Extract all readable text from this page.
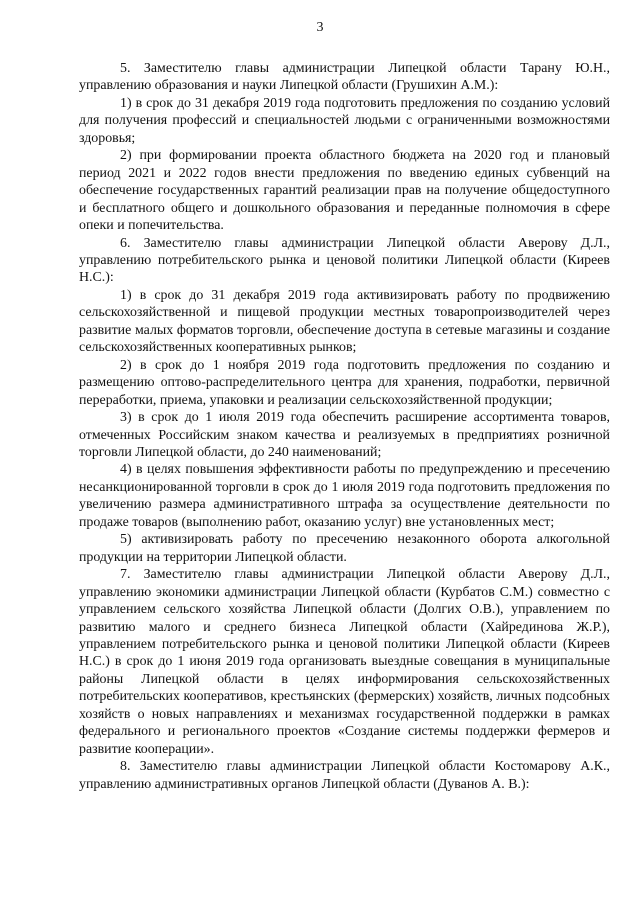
3

5. Заместителю главы администрации Липецкой области Тарану Ю.Н., управлению образования и науки Липецкой области (Грушихин А.М.):

1) в срок до 31 декабря 2019 года подготовить предложения по созданию условий для получения профессий и специальностей людьми с ограниченными возможностями здоровья;

2) при формировании проекта областного бюджета на 2020 год и плановый период 2021 и 2022 годов внести предложения по введению единых субвенций на обеспечение государственных гарантий реализации прав на получение общедоступного и бесплатного общего и дошкольного образования и переданные полномочия в сфере опеки и попечительства.

6. Заместителю главы администрации Липецкой области Аверову Д.Л., управлению потребительского рынка и ценовой политики Липецкой области (Киреев Н.С.):

1) в срок до 31 декабря 2019 года активизировать работу по продвижению сельскохозяйственной и пищевой продукции местных товаропроизводителей через развитие малых форматов торговли, обеспечение доступа в сетевые магазины и создание сельскохозяйственных кооперативных рынков;

2) в срок до 1 ноября 2019 года подготовить предложения по созданию и размещению оптово-распределительного центра для хранения, подработки, первичной переработки, приема, упаковки и реализации сельскохозяйственной продукции;

3) в срок до 1 июля 2019 года обеспечить расширение ассортимента товаров, отмеченных Российским знаком качества и реализуемых в предприятиях розничной торговли Липецкой области, до 240 наименований;

4) в целях повышения эффективности работы по предупреждению и пресечению несанкционированной торговли в срок до 1 июля 2019 года подготовить предложения по увеличению размера административного штрафа за осуществление деятельности по продаже товаров (выполнению работ, оказанию услуг) вне установленных мест;

5) активизировать работу по пресечению незаконного оборота алкогольной продукции на территории Липецкой области.

7. Заместителю главы администрации Липецкой области Аверову Д.Л., управлению экономики администрации Липецкой области (Курбатов С.М.) совместно с управлением сельского хозяйства Липецкой области (Долгих О.В.), управлением по развитию малого и среднего бизнеса Липецкой области (Хайрединова Ж.Р.), управлением потребительского рынка и ценовой политики Липецкой области (Киреев Н.С.) в срок до 1 июня 2019 года организовать выездные совещания в муниципальные районы Липецкой области в целях информирования сельскохозяйственных потребительских кооперативов, крестьянских (фермерских) хозяйств, личных подсобных хозяйств о новых направлениях и механизмах государственной поддержки в рамках федерального и регионального проектов «Создание системы поддержки фермеров и развитие кооперации».

8. Заместителю главы администрации Липецкой области Костомарову А.К., управлению административных органов Липецкой области (Дуванов А. В.):
